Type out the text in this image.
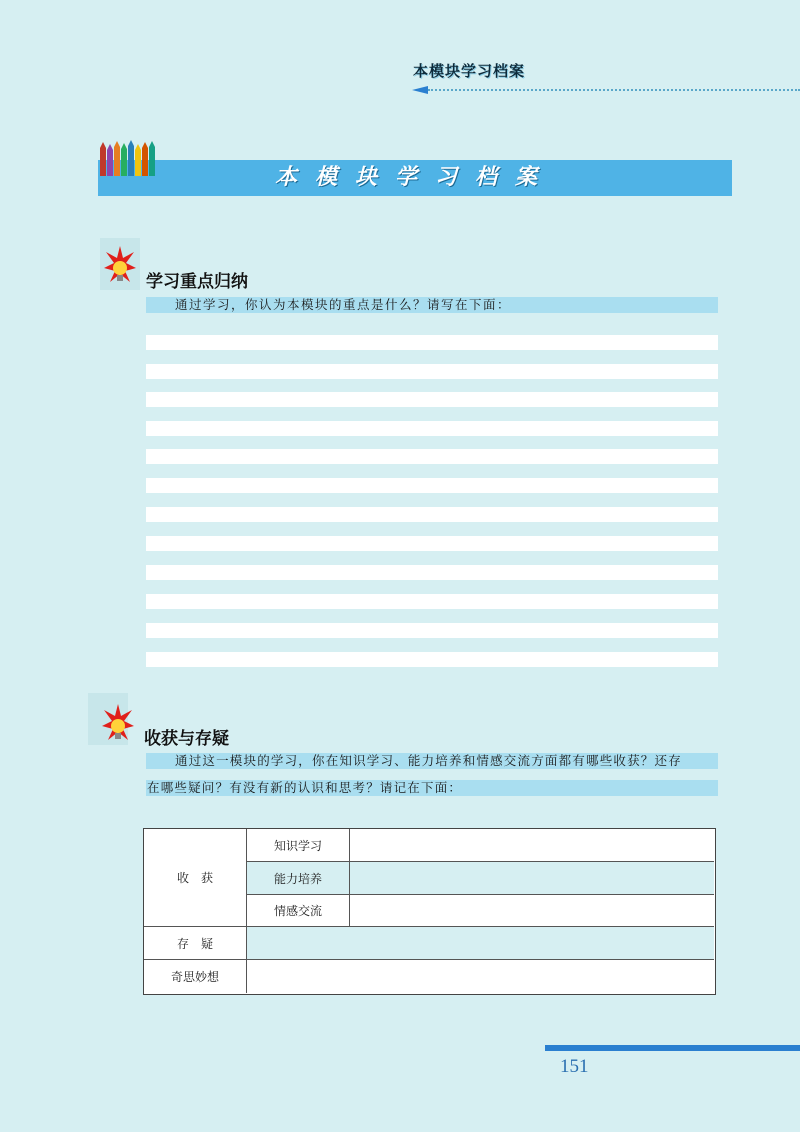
本模块学习档案
本模块学习档案
学习重点归纳
通过学习，你认为本模块的重点是什么？请写在下面：
收获与存疑
通过这一模块的学习，你在知识学习、能力培养和情感交流方面都有哪些收获？还存
在哪些疑问？有没有新的认识和思考？请记在下面：
收　获
知识学习
能力培养
情感交流
存　疑
奇思妙想
151
